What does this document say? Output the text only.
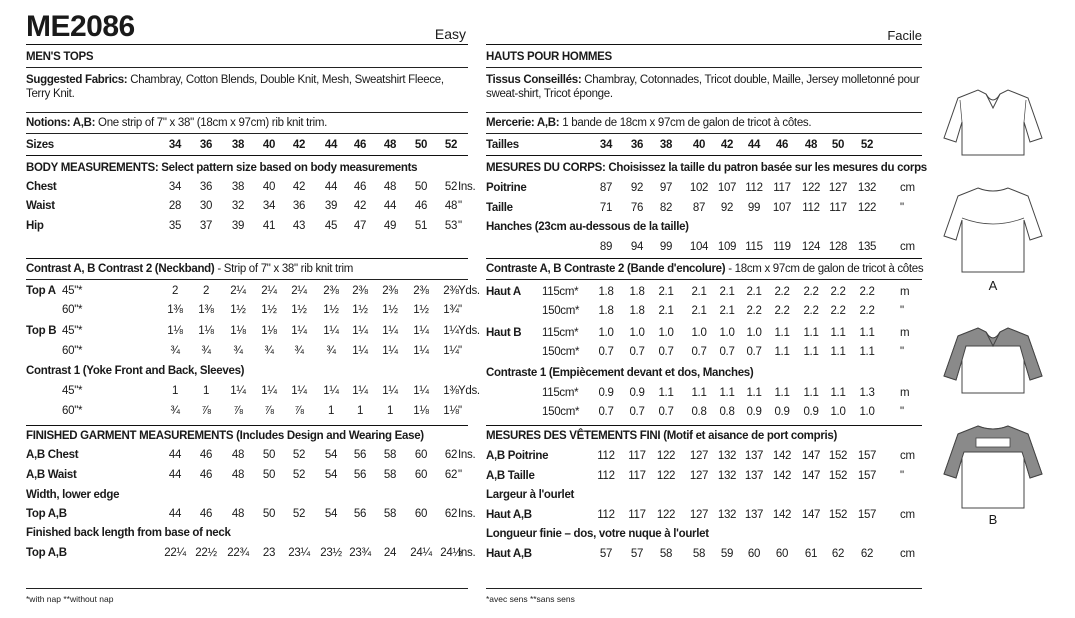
ME2086	Easy
MEN'S TOPS
Suggested Fabrics: Chambray, Cotton Blends, Double Knit, Mesh, Sweatshirt Fleece, Terry Knit.
Notions: A,B: One strip of 7" x 38" (18cm x 97cm) rib knit trim.
Sizes	34	36	38	40	42	44	46	48	50	52
BODY MEASUREMENTS: Select pattern size based on body measurements
Chest	34	36	38	40	42	44	46	48	50	52 Ins.
Waist	28	30	32	34	36	39	42	44	46	48 "
Hip	35	37	39	41	43	45	47	49	51	53 "
Contrast A, B Contrast 2 (Neckband) - Strip of 7" x 38" rib knit trim
Top A 45"*	2	2	2¼	2¼	2¼	2⅜	2⅜	2⅜	2⅜	2⅜ Yds.
60"*	1⅜	1⅜	1½	1½	1½	1½	1½	1½	1½	1¾ "
Top B 45"*	1⅛	1⅛	1⅛	1⅛	1¼	1¼	1¼	1¼	1¼	1¼ Yds.
60"*	¾	¾	¾	¾	¾	¾	1¼	1¼	1¼	1¼ "
Contrast 1 (Yoke Front and Back, Sleeves)
45"*	1	1	1¼	1¼	1¼	1¼	1¼	1¼	1¼	1⅜ Yds.
60"*	¾	⅞	⅞	⅞	⅞	1	1	1	1⅛	1⅛ "
FINISHED GARMENT MEASUREMENTS (Includes Design and Wearing Ease)
A,B Chest	44	46	48	50	52	54	56	58	60	62 Ins.
A,B Waist	44	46	48	50	52	54	56	58	60	62 "
Width, lower edge
Top A,B	44	46	48	50	52	54	56	58	60	62 Ins.
Finished back length from base of neck
Top A,B	22¼ 22½ 22¾	23	23¼ 23½ 23¾	24	24¼ 24½
Ins.
*with nap **without nap
Facile
HAUTS POUR HOMMES
Tissus Conseillés: Chambray, Cotonnades, Tricot double, Maille, Jersey molletonné pour sweat-shirt, Tricot éponge.
Mercerie: A,B: 1 bande de 18cm x 97cm de galon de tricot à côtes.
Tailles	34	36	38	40	42	44	46	48	50	52
MESURES DU CORPS: Choisissez la taille du patron basée sur les mesures du corps
Poitrine	87	92	97	102 107 112 117 122 127 132	cm
Taille	71	76	82	87	92	99	107 112 117 122	"
Hanches (23cm au-dessous de la taille)
89	94	99	104 109 115 119 124 128 135	cm
Contraste A, B Contraste 2 (Bande d'encolure) - 18cm x 97cm de galon de tricot à côtes
Haut A 115cm*	1.8	1.8	2.1	2.1	2.1	2.1	2.2	2.2	2.2	2.2	m
150cm*	1.8	1.8	2.1	2.1	2.1	2.2	2.2	2.2	2.2	2.2	"
Haut B 115cm*	1.0	1.0	1.0	1.0	1.0	1.0	1.1	1.1	1.1	1.1	m
150cm*	0.7	0.7	0.7	0.7	0.7	0.7	1.1	1.1	1.1	1.1	"
Contraste 1 (Empiècement devant et dos, Manches)
115cm*	0.9	0.9	1.1	1.1	1.1	1.1	1.1	1.1	1.1	1.3	m
150cm*	0.7	0.7	0.7	0.8	0.8	0.9	0.9	0.9	1.0	1.0	"
MESURES DES VÊTEMENTS FINI (Motif et aisance de port compris)
A,B Poitrine	112	117 122	127 132 137 142 147 152 157	cm
A,B Taille	112	117 122	127 132 137 142 147 152 157	"
Largeur à l'ourlet
Haut A,B	112	117 122	127 132 137 142 147 152 157	cm
Longueur finie – dos, votre nuque à l'ourlet
Haut A,B	57	57	58	58	59	60	60	61	62	62	cm
*avec sens **sans sens
A
B
